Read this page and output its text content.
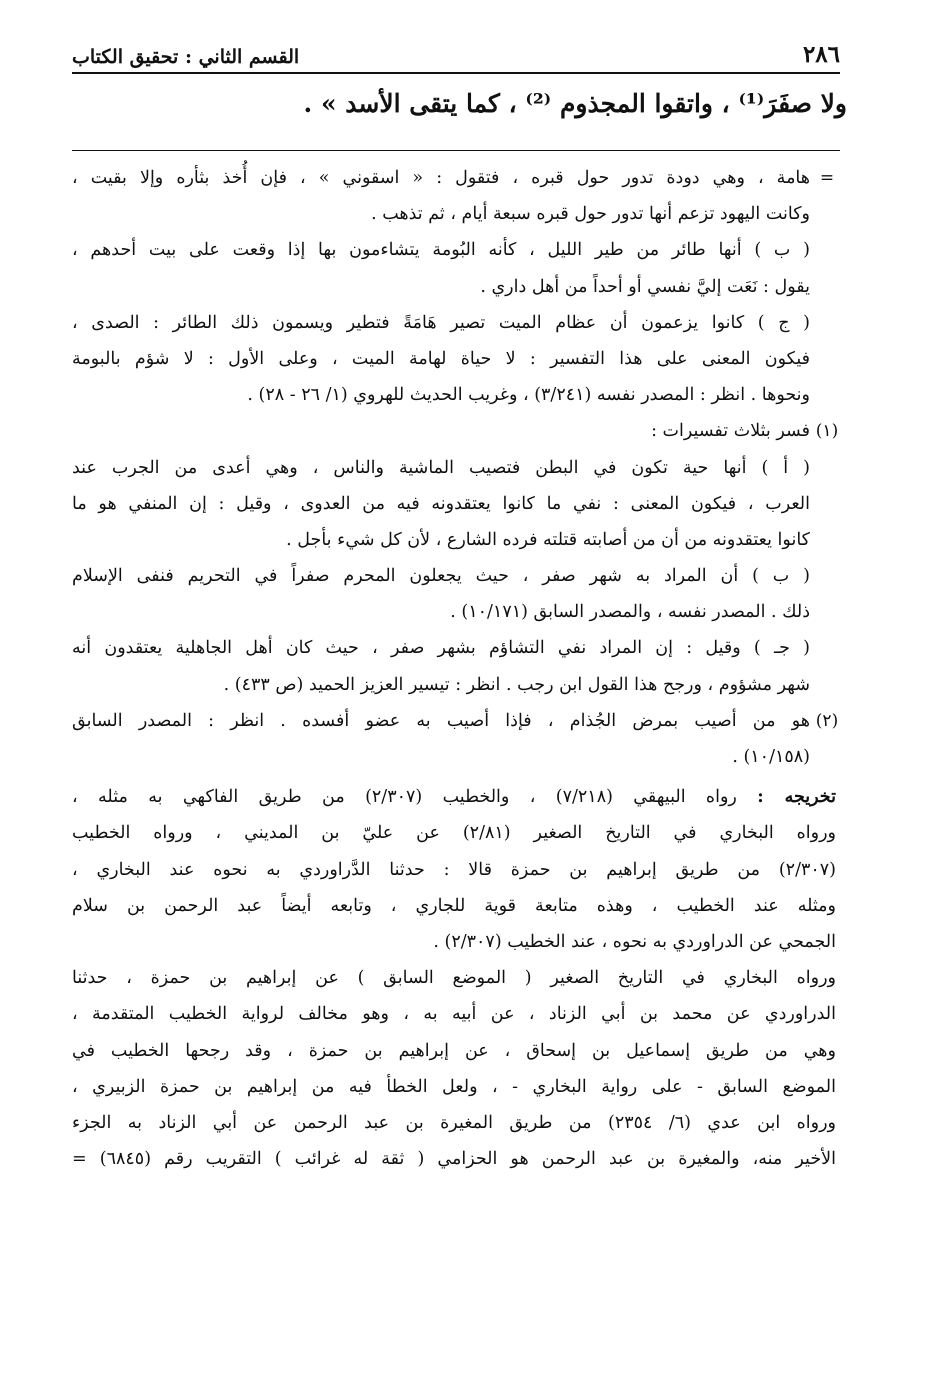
٢٨٦
القسم الثاني : تحقيق الكتاب
ولا صفَرَ⁽¹⁾ ، واتقوا المجذوم ⁽²⁾ ، كما يتقى الأسد » .
=
هامة ، وهي دودة تدور حول قبره ، فتقول : « اسقوني » ، فإن أُخذ بثأره وإلا بقيت ،
وكانت اليهود تزعم أنها تدور حول قبره سبعة أيام ، ثم تذهب .
( ب ) أنها طائر من طير الليل ، كأنه البُومة يتشاءمون بها إذا وقعت على بيت أحدهم ،
يقول : نَعَت إليَّ نفسي أو أحداً من أهل داري .
( ج ) كانوا يزعمون أن عظام الميت تصير هَامَةً فتطير ويسمون ذلك الطائر : الصدى ،
فيكون المعنى على هذا التفسير : لا حياة لهامة الميت ، وعلى الأول : لا شؤم بالبومة
ونحوها . انظر : المصدر نفسه (٣/٢٤١) ، وغريب الحديث للهروي (١/ ٢٦ - ٢٨) .
(١)
فسر بثلاث تفسيرات :
( أ ) أنها حية تكون في البطن فتصيب الماشية والناس ، وهي أعدى من الجرب عند
العرب ، فيكون المعنى : نفي ما كانوا يعتقدونه فيه من العدوى ، وقيل : إن المنفي هو ما
كانوا يعتقدونه من أن من أصابته قتلته فرده الشارع ، لأن كل شيء بأجل .
( ب ) أن المراد به شهر صفر ، حيث يجعلون المحرم صفراً في التحريم فنفى الإسلام
ذلك . المصدر نفسه ، والمصدر السابق (١٠/١٧١) .
( جـ ) وقيل : إن المراد نفي التشاؤم بشهر صفر ، حيث كان أهل الجاهلية يعتقدون أنه
شهر مشؤوم ، ورجح هذا القول ابن رجب . انظر : تيسير العزيز الحميد (ص ٤٣٣) .
(٢)
هو من أصيب بمرض الجُذام ، فإذا أصيب به عضو أفسده . انظر : المصدر السابق
(١٠/١٥٨) .
تخريجه : رواه البيهقي (٧/٢١٨) ، والخطيب (٢/٣٠٧) من طريق الفاكهي به مثله ،
ورواه البخاري في التاريخ الصغير (٢/٨١) عن عليّ بن المديني ، ورواه الخطيب
(٢/٣٠٧) من طريق إبراهيم بن حمزة قالا : حدثنا الدَّراوردي به نحوه عند البخاري ،
ومثله عند الخطيب ، وهذه متابعة قوية للجاري ، وتابعه أيضاً عبد الرحمن بن سلام
الجمحي عن الدراوردي به نحوه ، عند الخطيب (٢/٣٠٧) .
ورواه البخاري في التاريخ الصغير ( الموضع السابق ) عن إبراهيم بن حمزة ، حدثنا
الدراوردي عن محمد بن أبي الزناد ، عن أبيه به ، وهو مخالف لرواية الخطيب المتقدمة ،
وهي من طريق إسماعيل بن إسحاق ، عن إبراهيم بن حمزة ، وقد رجحها الخطيب في
الموضع السابق - على رواية البخاري - ، ولعل الخطأ فيه من إبراهيم بن حمزة الزبيري ،
ورواه ابن عدي (٦/ ٢٣٥٤) من طريق المغيرة بن عبد الرحمن عن أبي الزناد به الجزء
الأخير منه، والمغيرة بن عبد الرحمن هو الحزامي ( ثقة له غرائب ) التقريب رقم (٦٨٤٥) =
